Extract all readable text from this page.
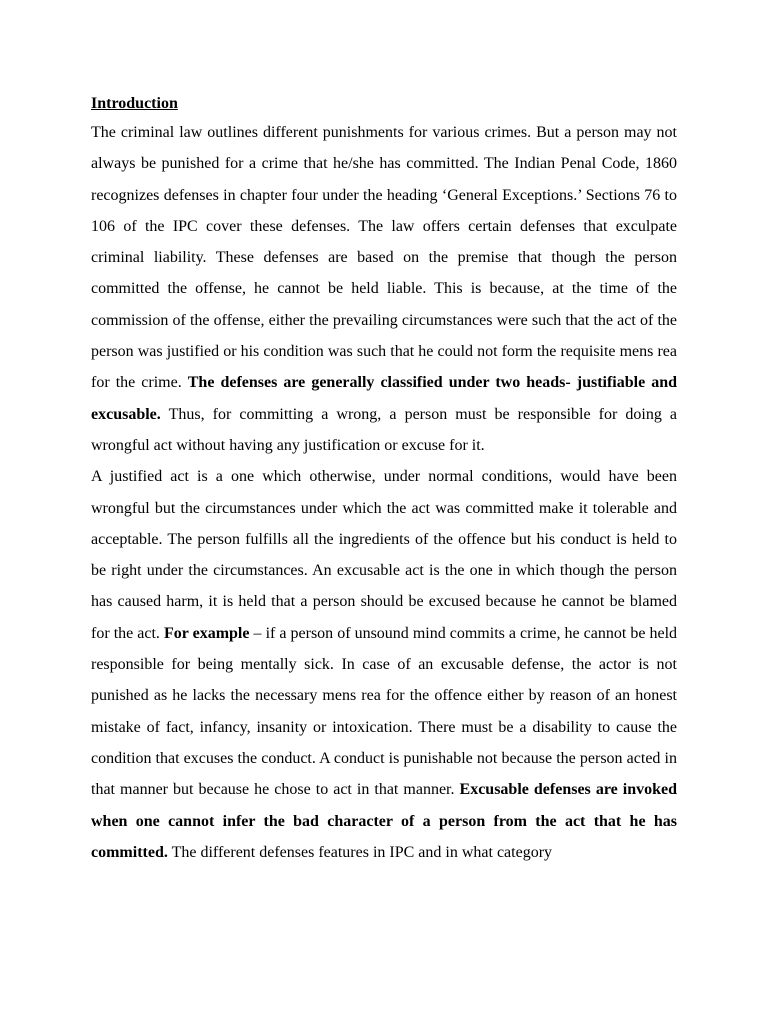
Introduction

The criminal law outlines different punishments for various crimes. But a person may not always be punished for a crime that he/she has committed. The Indian Penal Code, 1860 recognizes defenses in chapter four under the heading ‘General Exceptions.’ Sections 76 to 106 of the IPC cover these defenses. The law offers certain defenses that exculpate criminal liability. These defenses are based on the premise that though the person committed the offense, he cannot be held liable. This is because, at the time of the commission of the offense, either the prevailing circumstances were such that the act of the person was justified or his condition was such that he could not form the requisite mens rea for the crime. The defenses are generally classified under two heads- justifiable and excusable. Thus, for committing a wrong, a person must be responsible for doing a wrongful act without having any justification or excuse for it.

A justified act is a one which otherwise, under normal conditions, would have been wrongful but the circumstances under which the act was committed make it tolerable and acceptable. The person fulfills all the ingredients of the offence but his conduct is held to be right under the circumstances. An excusable act is the one in which though the person has caused harm, it is held that a person should be excused because he cannot be blamed for the act. For example – if a person of unsound mind commits a crime, he cannot be held responsible for being mentally sick. In case of an excusable defense, the actor is not punished as he lacks the necessary mens rea for the offence either by reason of an honest mistake of fact, infancy, insanity or intoxication. There must be a disability to cause the condition that excuses the conduct. A conduct is punishable not because the person acted in that manner but because he chose to act in that manner. Excusable defenses are invoked when one cannot infer the bad character of a person from the act that he has committed. The different defenses features in IPC and in what category
